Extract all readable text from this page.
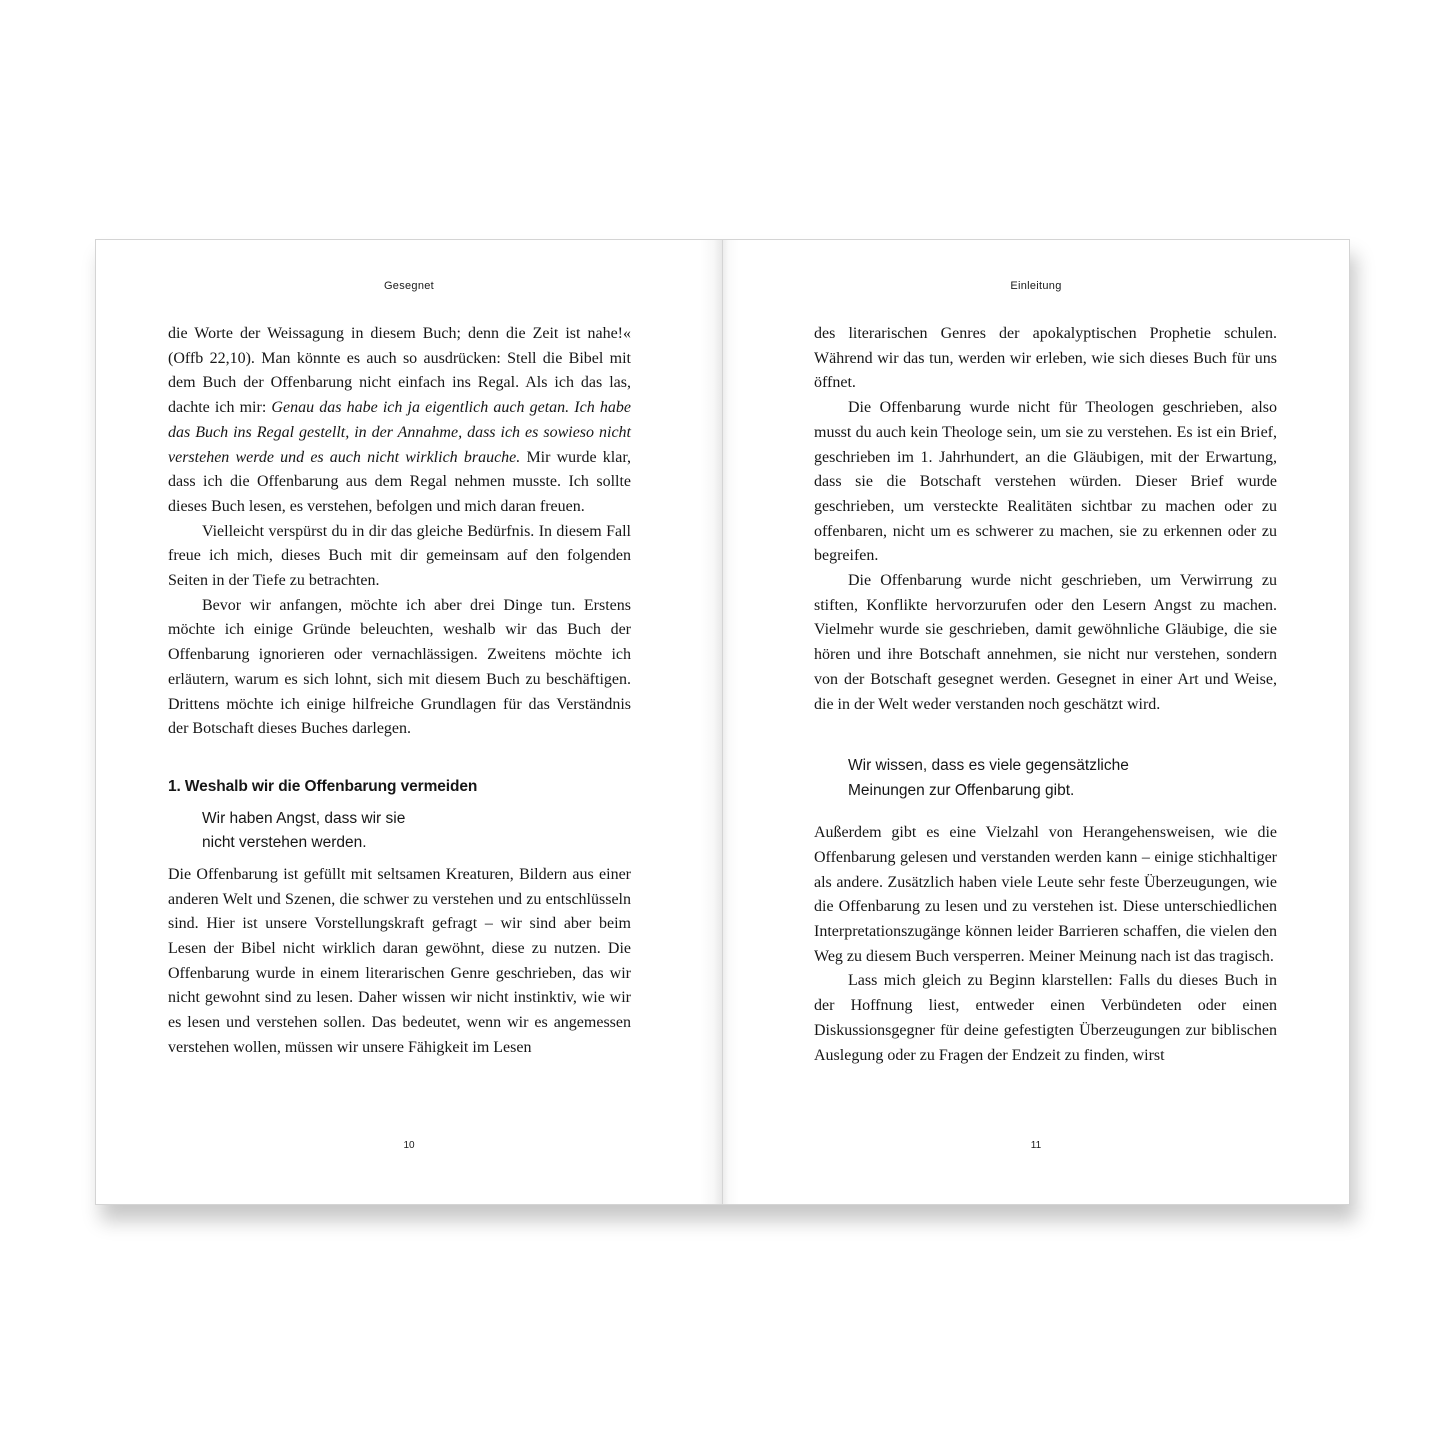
Gesegnet

die Worte der Weissagung in diesem Buch; denn die Zeit ist nahe!« (Offb 22,10). Man könnte es auch so ausdrücken: Stell die Bibel mit dem Buch der Offenbarung nicht einfach ins Regal. Als ich das las, dachte ich mir: Genau das habe ich ja eigentlich auch getan. Ich habe das Buch ins Regal gestellt, in der Annahme, dass ich es sowieso nicht verstehen werde und es auch nicht wirklich brauche. Mir wurde klar, dass ich die Offenbarung aus dem Regal nehmen musste. Ich sollte dieses Buch lesen, es verstehen, befolgen und mich daran freuen.

Vielleicht verspürst du in dir das gleiche Bedürfnis. In diesem Fall freue ich mich, dieses Buch mit dir gemeinsam auf den folgenden Seiten in der Tiefe zu betrachten.

Bevor wir anfangen, möchte ich aber drei Dinge tun. Erstens möchte ich einige Gründe beleuchten, weshalb wir das Buch der Offenbarung ignorieren oder vernachlässigen. Zweitens möchte ich erläutern, warum es sich lohnt, sich mit diesem Buch zu beschäftigen. Drittens möchte ich einige hilfreiche Grundlagen für das Verständnis der Botschaft dieses Buches darlegen.

1. Weshalb wir die Offenbarung vermeiden
Wir haben Angst, dass wir sie
nicht verstehen werden.

Die Offenbarung ist gefüllt mit seltsamen Kreaturen, Bildern aus einer anderen Welt und Szenen, die schwer zu verstehen und zu entschlüsseln sind. Hier ist unsere Vorstellungskraft gefragt – wir sind aber beim Lesen der Bibel nicht wirklich daran gewöhnt, diese zu nutzen. Die Offenbarung wurde in einem literarischen Genre geschrieben, das wir nicht gewohnt sind zu lesen. Daher wissen wir nicht instinktiv, wie wir es lesen und verstehen sollen. Das bedeutet, wenn wir es angemessen verstehen wollen, müssen wir unsere Fähigkeit im Lesen

10
Einleitung

des literarischen Genres der apokalyptischen Prophetie schulen. Während wir das tun, werden wir erleben, wie sich dieses Buch für uns öffnet.

Die Offenbarung wurde nicht für Theologen geschrieben, also musst du auch kein Theologe sein, um sie zu verstehen. Es ist ein Brief, geschrieben im 1. Jahrhundert, an die Gläubigen, mit der Erwartung, dass sie die Botschaft verstehen würden. Dieser Brief wurde geschrieben, um versteckte Realitäten sichtbar zu machen oder zu offenbaren, nicht um es schwerer zu machen, sie zu erkennen oder zu begreifen.

Die Offenbarung wurde nicht geschrieben, um Verwirrung zu stiften, Konflikte hervorzurufen oder den Lesern Angst zu machen. Vielmehr wurde sie geschrieben, damit gewöhnliche Gläubige, die sie hören und ihre Botschaft annehmen, sie nicht nur verstehen, sondern von der Botschaft gesegnet werden. Gesegnet in einer Art und Weise, die in der Welt weder verstanden noch geschätzt wird.

Wir wissen, dass es viele gegensätzliche
Meinungen zur Offenbarung gibt.

Außerdem gibt es eine Vielzahl von Herangehensweisen, wie die Offenbarung gelesen und verstanden werden kann – einige stichhaltiger als andere. Zusätzlich haben viele Leute sehr feste Überzeugungen, wie die Offenbarung zu lesen und zu verstehen ist. Diese unterschiedlichen Interpretationszugänge können leider Barrieren schaffen, die vielen den Weg zu diesem Buch versperren. Meiner Meinung nach ist das tragisch.

Lass mich gleich zu Beginn klarstellen: Falls du dieses Buch in der Hoffnung liest, entweder einen Verbündeten oder einen Diskussionsgegner für deine gefestigten Überzeugungen zur biblischen Auslegung oder zu Fragen der Endzeit zu finden, wirst

11
